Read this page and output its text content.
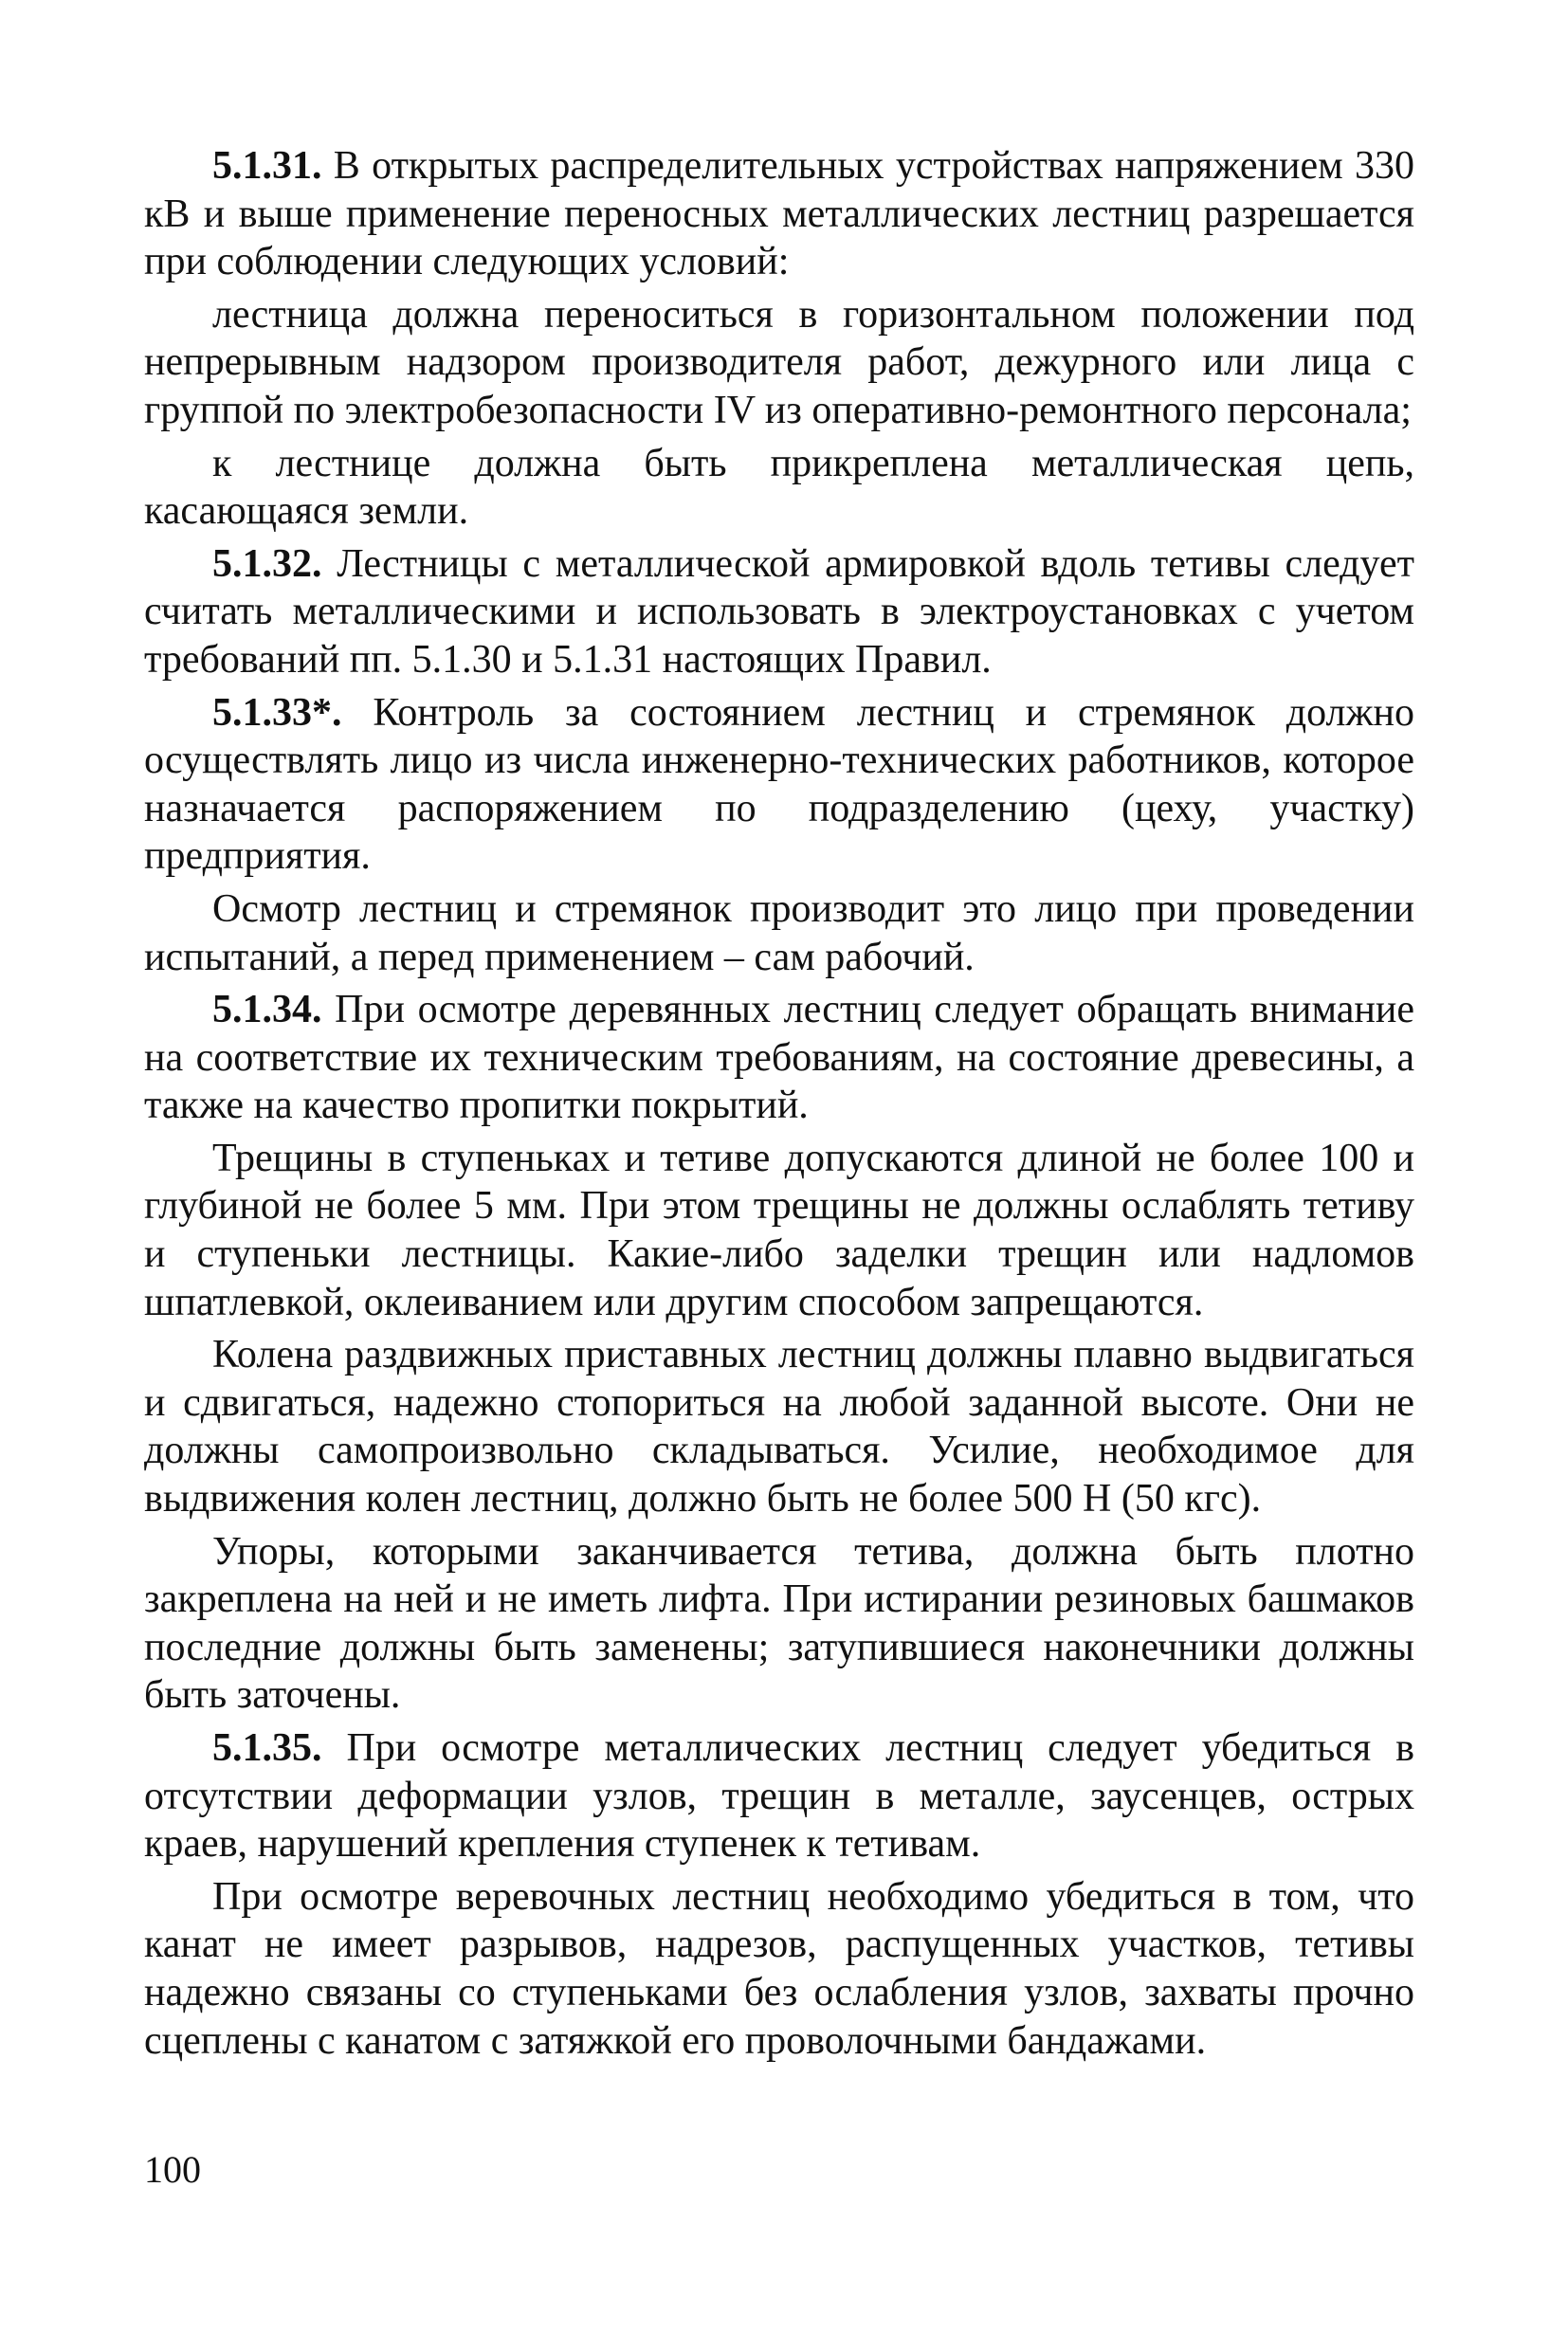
5.1.31. В открытых распределительных устройствах напряжением 330 кВ и выше применение переносных металлических лестниц разрешается при соблюдении следующих условий:

лестница должна переноситься в горизонтальном положении под непрерывным надзором производителя работ, дежурного или лица с группой по электробезопасности IV из оперативно-ремонтного персонала;

к лестнице должна быть прикреплена металлическая цепь, касающаяся земли.

5.1.32. Лестницы с металлической армировкой вдоль тетивы следует считать металлическими и использовать в электроустановках с учетом требований пп. 5.1.30 и 5.1.31 настоящих Правил.

5.1.33*. Контроль за состоянием лестниц и стремянок должно осуществлять лицо из числа инженерно-технических работников, которое назначается распоряжением по подразделению (цеху, участку) предприятия.

Осмотр лестниц и стремянок производит это лицо при проведении испытаний, а перед применением – сам рабочий.

5.1.34. При осмотре деревянных лестниц следует обращать внимание на соответствие их техническим требованиям, на состояние древесины, а также на качество пропитки покрытий.

Трещины в ступеньках и тетиве допускаются длиной не более 100 и глубиной не более 5 мм. При этом трещины не должны ослаблять тетиву и ступеньки лестницы. Какие-либо заделки трещин или надломов шпатлевкой, оклеиванием или другим способом запрещаются.

Колена раздвижных приставных лестниц должны плавно выдвигаться и сдвигаться, надежно стопориться на любой заданной высоте. Они не должны самопроизвольно складываться. Усилие, необходимое для выдвижения колен лестниц, должно быть не более 500 Н (50 кгс).

Упоры, которыми заканчивается тетива, должна быть плотно закреплена на ней и не иметь лифта. При истирании резиновых башмаков последние должны быть заменены; затупившиеся наконечники должны быть заточены.

5.1.35. При осмотре металлических лестниц следует убедиться в отсутствии деформации узлов, трещин в металле, заусенцев, острых краев, нарушений крепления ступенек к тетивам.

При осмотре веревочных лестниц необходимо убедиться в том, что канат не имеет разрывов, надрезов, распущенных участков, тетивы надежно связаны со ступеньками без ослабления узлов, захваты прочно сцеплены с канатом с затяжкой его проволочными бандажами.

100
